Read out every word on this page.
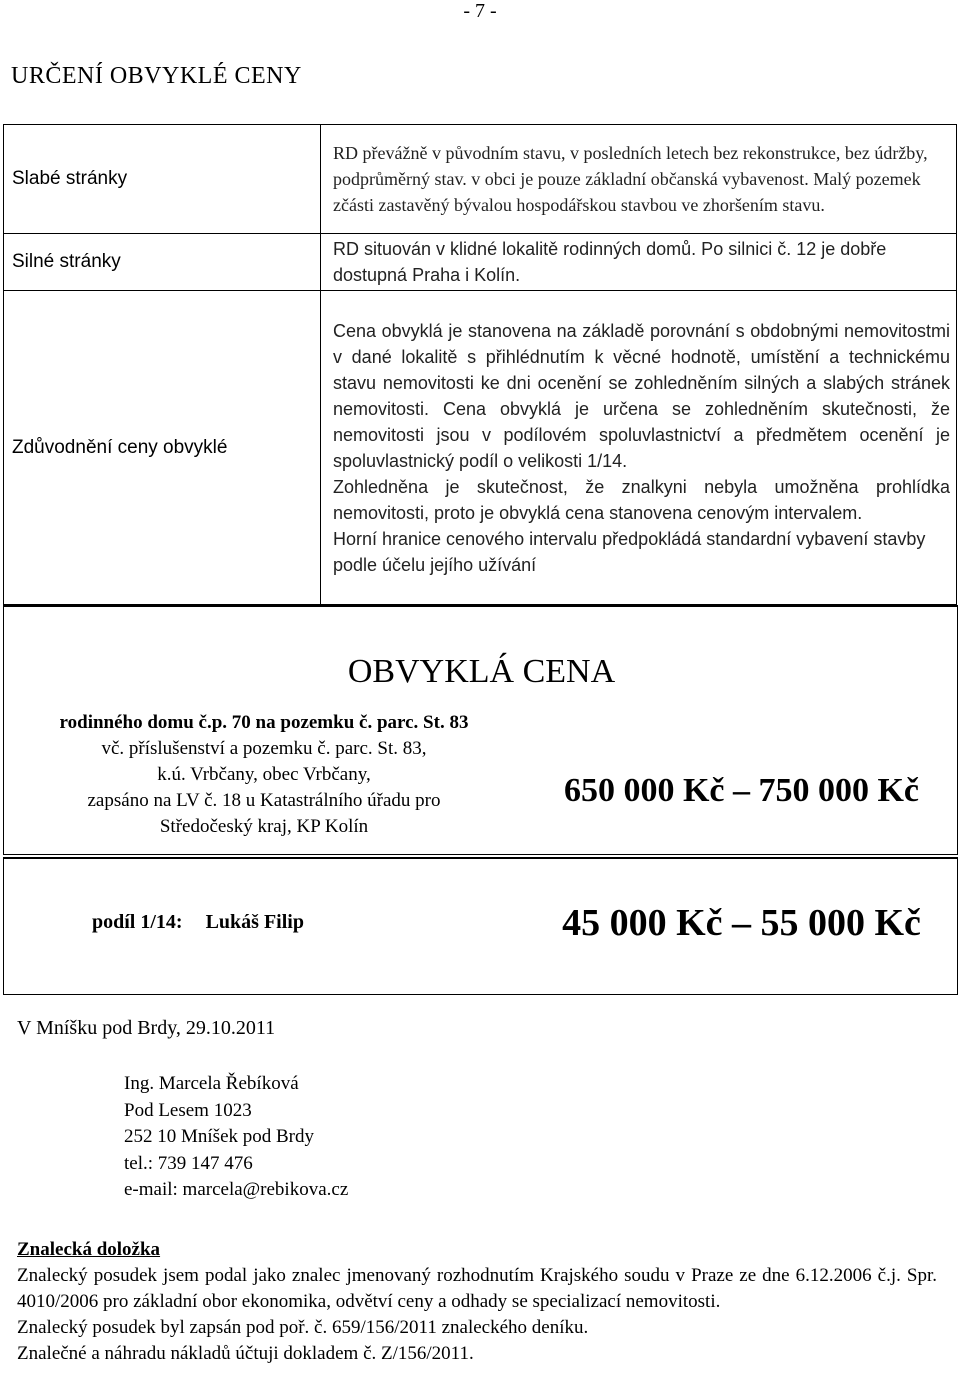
- 7 -
URČENÍ OBVYKLÉ CENY
Slabé stránky	RD převážně v původním stavu, v posledních letech bez rekonstrukce, bez údržby, podprůměrný stav. v obci je pouze základní občanská vybavenost. Malý pozemek zčásti zastavěný bývalou hospodářskou stavbou ve zhoršením stavu.
Silné stránky	RD situován v klidné lokalitě rodinných domů. Po silnici č. 12 je dobře dostupná Praha i Kolín.
Zdůvodnění ceny obvyklé	Cena obvyklá je stanovena na základě porovnání s obdobnými nemovitostmi v dané lokalitě s přihlédnutím k věcné hodnotě, umístění a technickému stavu nemovitosti ke dni ocenění se zohledněním silných a slabých stránek nemovitosti. Cena obvyklá je určena se zohledněním skutečnosti, že nemovitosti jsou v podílovém spoluvlastnictví a předmětem ocenění je spoluvlastnický podíl o velikosti 1/14.
Zohledněna je skutečnost, že znalkyni nebyla umožněna prohlídka nemovitosti, proto je obvyklá cena stanovena cenovým intervalem.
Horní hranice cenového intervalu předpokládá standardní vybavení stavby podle účelu jejího užívání
OBVYKLÁ CENA
rodinného domu č.p. 70 na pozemku č. parc. St. 83
vč. příslušenství a pozemku č. parc. St. 83,
k.ú. Vrbčany, obec Vrbčany,
zapsáno na LV č. 18 u Katastrálního úřadu pro
Středočeský kraj, KP Kolín
650 000 Kč – 750 000 Kč
podíl 1/14: Lukáš Filip	45 000 Kč – 55 000 Kč
V Mníšku pod Brdy, 29.10.2011
Ing. Marcela Řebíková
Pod Lesem 1023
252 10 Mníšek pod Brdy
tel.: 739 147 476
e-mail: marcela@rebikova.cz
Znalecká doložka
Znalecký posudek jsem podal jako znalec jmenovaný rozhodnutím Krajského soudu v Praze ze dne 6.12.2006 č.j. Spr. 4010/2006 pro základní obor ekonomika, odvětví ceny a odhady se specializací nemovitosti.
Znalecký posudek byl zapsán pod poř. č. 659/156/2011 znaleckého deníku.
Znalečné a náhradu nákladů účtuji dokladem č. Z/156/2011.
